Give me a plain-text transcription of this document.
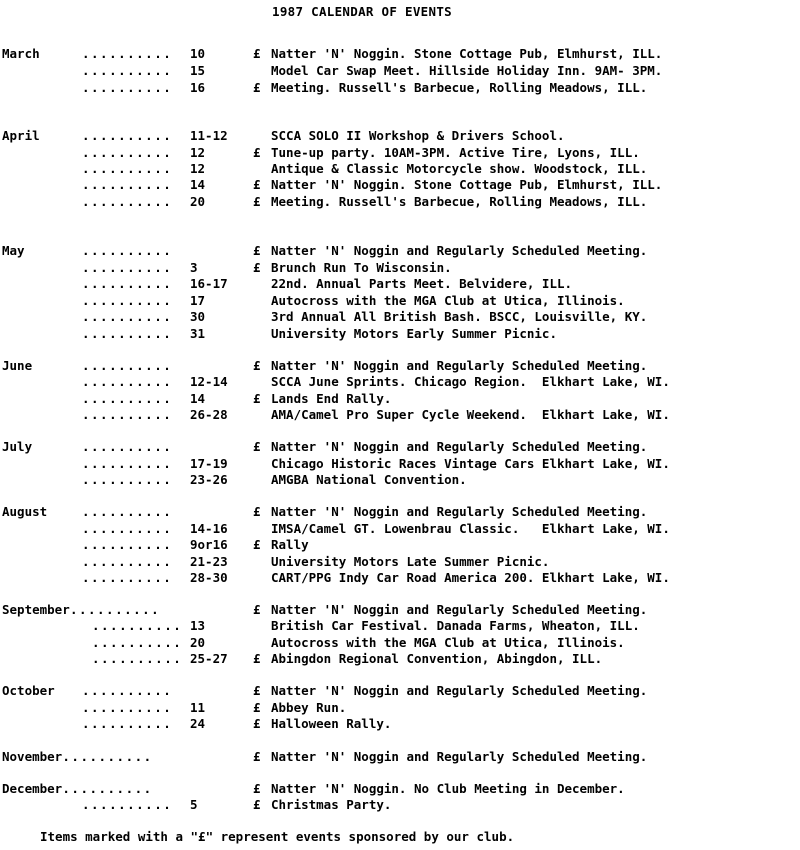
1987 CALENDAR OF EVENTS
March	.......... 10	£ Natter 'N' Noggin. Stone Cottage Pub, Elmhurst, ILL.
.......... 15	Model Car Swap Meet. Hillside Holiday Inn. 9AM- 3PM.
.......... 16	£ Meeting. Russell's Barbecue, Rolling Meadows, ILL.
April	.......... 11-12	SCCA SOLO II Workshop & Drivers School.
.......... 12	£ Tune-up party. 10AM-3PM. Active Tire, Lyons, ILL.
.......... 12	Antique & Classic Motorcycle show. Woodstock, ILL.
.......... 14	£ Natter 'N' Noggin. Stone Cottage Pub, Elmhurst, ILL.
.......... 20	£ Meeting. Russell's Barbecue, Rolling Meadows, ILL.
May	..........	£ Natter 'N' Noggin and Regularly Scheduled Meeting.
.......... 3	£ Brunch Run To Wisconsin.
.......... 16-17	22nd. Annual Parts Meet. Belvidere, ILL.
.......... 17	Autocross with the MGA Club at Utica, Illinois.
.......... 30	3rd Annual All British Bash. BSCC, Louisville, KY.
.......... 31	University Motors Early Summer Picnic.
June	..........	£ Natter 'N' Noggin and Regularly Scheduled Meeting.
.......... 12-14	SCCA June Sprints. Chicago Region.  Elkhart Lake, WI.
.......... 14	£ Lands End Rally.
.......... 26-28	AMA/Camel Pro Super Cycle Weekend.  Elkhart Lake, WI.
July	..........	£ Natter 'N' Noggin and Regularly Scheduled Meeting.
.......... 17-19	Chicago Historic Races Vintage Cars Elkhart Lake, WI.
.......... 23-26	AMGBA National Convention.
August	..........	£ Natter 'N' Noggin and Regularly Scheduled Meeting.
.......... 14-16	IMSA/Camel GT. Lowenbrau Classic.   Elkhart Lake, WI.
.......... 9or16 £ Rally
.......... 21-23	University Motors Late Summer Picnic.
.......... 28-30	CART/PPG Indy Car Road America 200. Elkhart Lake, WI.
September ..........	£ Natter 'N' Noggin and Regularly Scheduled Meeting.
.......... 13	British Car Festival. Danada Farms, Wheaton, ILL.
.......... 20	Autocross with the MGA Club at Utica, Illinois.
.......... 25-27 £ Abingdon Regional Convention, Abingdon, ILL.
October ..........	£ Natter 'N' Noggin and Regularly Scheduled Meeting.
.......... 11	£ Abbey Run.
.......... 24	£ Halloween Rally.
November ..........	£ Natter 'N' Noggin and Regularly Scheduled Meeting.
December ..........	£ Natter 'N' Noggin. No Club Meeting in December.
.......... 5	£ Christmas Party.
Items marked with a "£" represent events sponsored by our club.
